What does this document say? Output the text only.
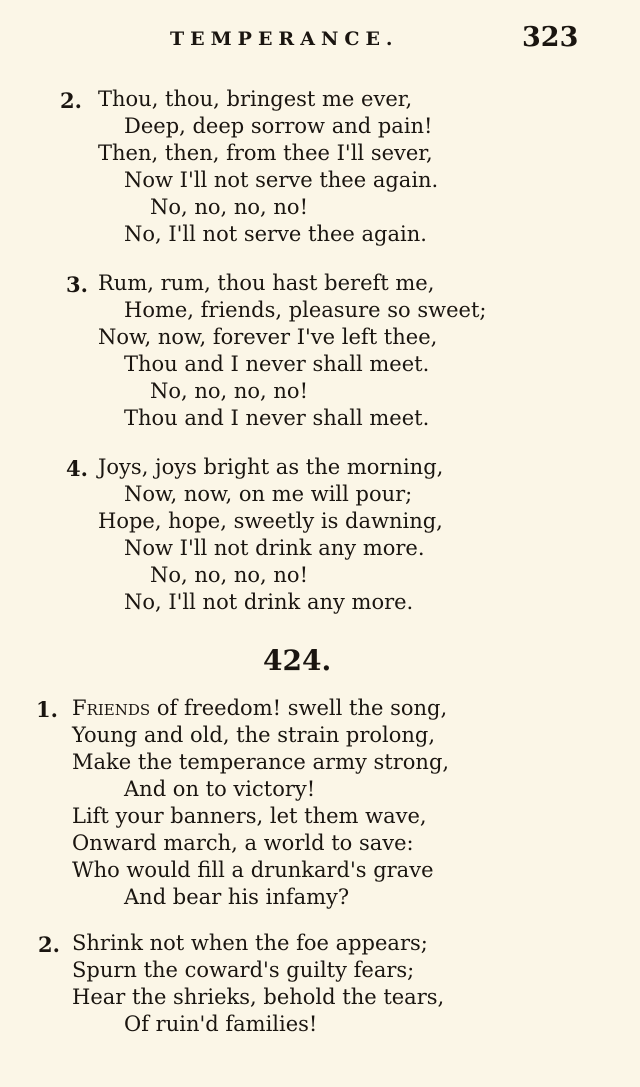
TEMPERANCE.	323
2. Thou, thou, bringest me ever,
Deep, deep sorrow and pain!
Then, then, from thee I'll sever,
Now I'll not serve thee again.
No, no, no, no!
No, I'll not serve thee again.
3. Rum, rum, thou hast bereft me,
Home, friends, pleasure so sweet;
Now, now, forever I've left thee,
Thou and I never shall meet.
No, no, no, no!
Thou and I never shall meet.
4. Joys, joys bright as the morning,
Now, now, on me will pour;
Hope, hope, sweetly is dawning,
Now I'll not drink any more.
No, no, no, no!
No, I'll not drink any more.
424.
1. Friends of freedom! swell the song,
Young and old, the strain prolong,
Make the temperance army strong,
And on to victory!
Lift your banners, let them wave,
Onward march, a world to save:
Who would fill a drunkard's grave
And bear his infamy?
2. Shrink not when the foe appears;
Spurn the coward's guilty fears;
Hear the shrieks, behold the tears,
Of ruin'd families!
